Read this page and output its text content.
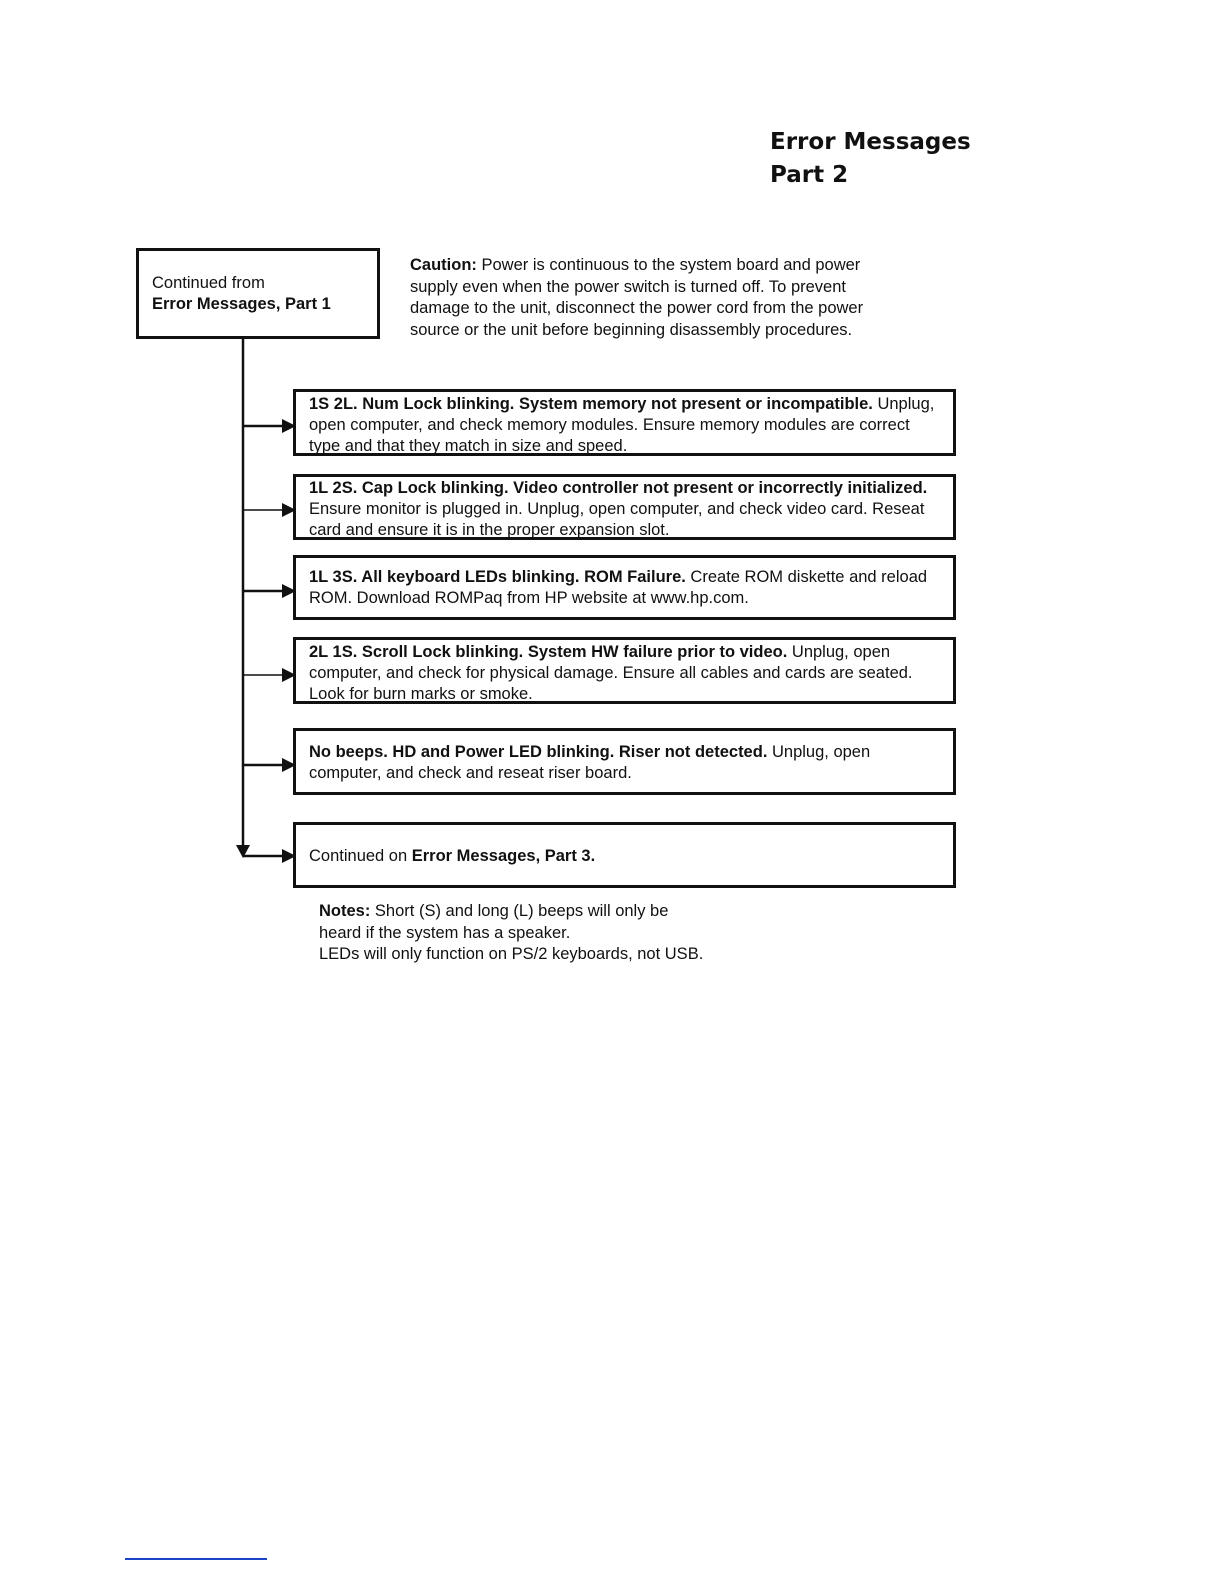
Error Messages
Part 2
Continued from
Error Messages, Part 1
Caution: Power is continuous to the system board and power supply even when the power switch is turned off. To prevent damage to the unit, disconnect the power cord from the power source or the unit before beginning disassembly procedures.
1S 2L. Num Lock blinking. System memory not present or incompatible. Unplug, open computer, and check memory modules. Ensure memory modules are correct type and that they match in size and speed.
1L 2S. Cap Lock blinking. Video controller not present or incorrectly initialized. Ensure monitor is plugged in. Unplug, open computer, and check video card. Reseat card and ensure it is in the proper expansion slot.
1L 3S. All keyboard LEDs blinking. ROM Failure. Create ROM diskette and reload ROM. Download ROMPaq from HP website at www.hp.com.
2L 1S. Scroll Lock blinking. System HW failure prior to video. Unplug, open computer, and check for physical damage. Ensure all cables and cards are seated. Look for burn marks or smoke.
No beeps. HD and Power LED blinking. Riser not detected. Unplug, open computer, and check and reseat riser board.
Continued on Error Messages, Part 3.
Notes: Short (S) and long (L) beeps will only be
heard if the system has a speaker.
LEDs will only function on PS/2 keyboards, not USB.
